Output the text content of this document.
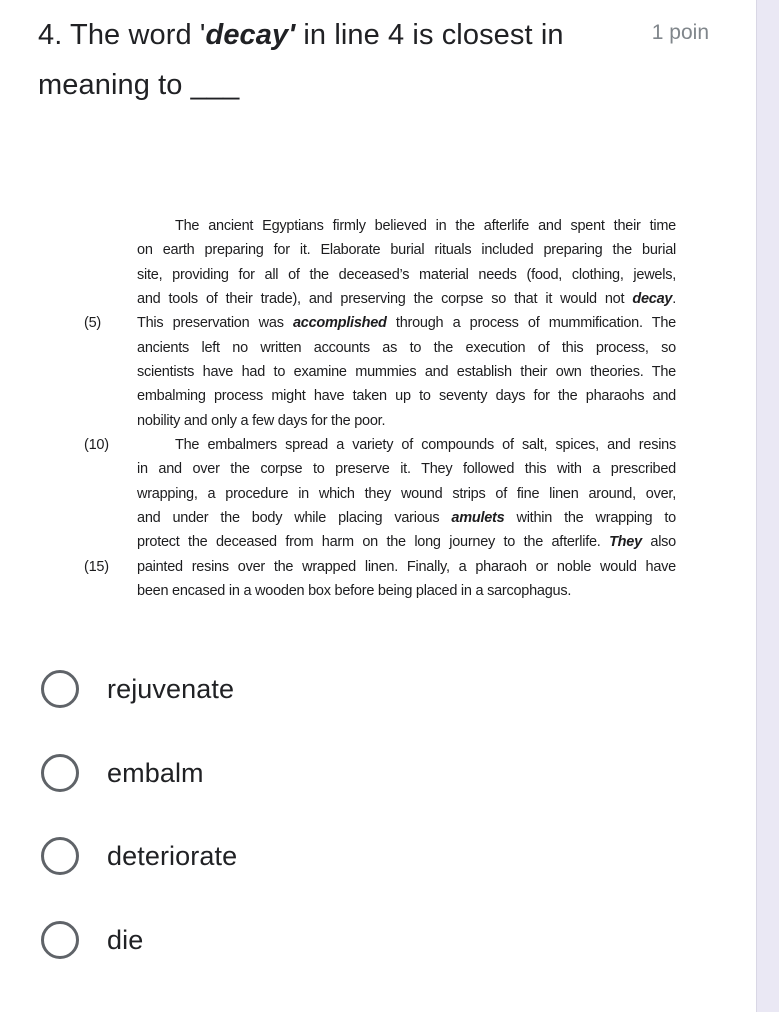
4. The word 'decay' in line 4 is closest in meaning to ___
1 poin
The ancient Egyptians firmly believed in the afterlife and spent their time
on earth preparing for it. Elaborate burial rituals included preparing the burial
site, providing for all of the deceased’s material needs (food, clothing, jewels,
and tools of their trade), and preserving the corpse so that it would not decay.
(5)	This preservation was accomplished through a process of mummification. The
ancients left no written accounts as to the execution of this process, so
scientists have had to examine mummies and establish their own theories. The
embalming process might have taken up to seventy days for the pharaohs and
nobility and only a few days for the poor.
(10)	The embalmers spread a variety of compounds of salt, spices, and resins
in and over the corpse to preserve it. They followed this with a prescribed
wrapping, a procedure in which they wound strips of fine linen around, over,
and under the body while placing various amulets within the wrapping to
protect the deceased from harm on the long journey to the afterlife. They also
(15)	painted resins over the wrapped linen. Finally, a pharaoh or noble would have
been encased in a wooden box before being placed in a sarcophagus.
rejuvenate
embalm
deteriorate
die
